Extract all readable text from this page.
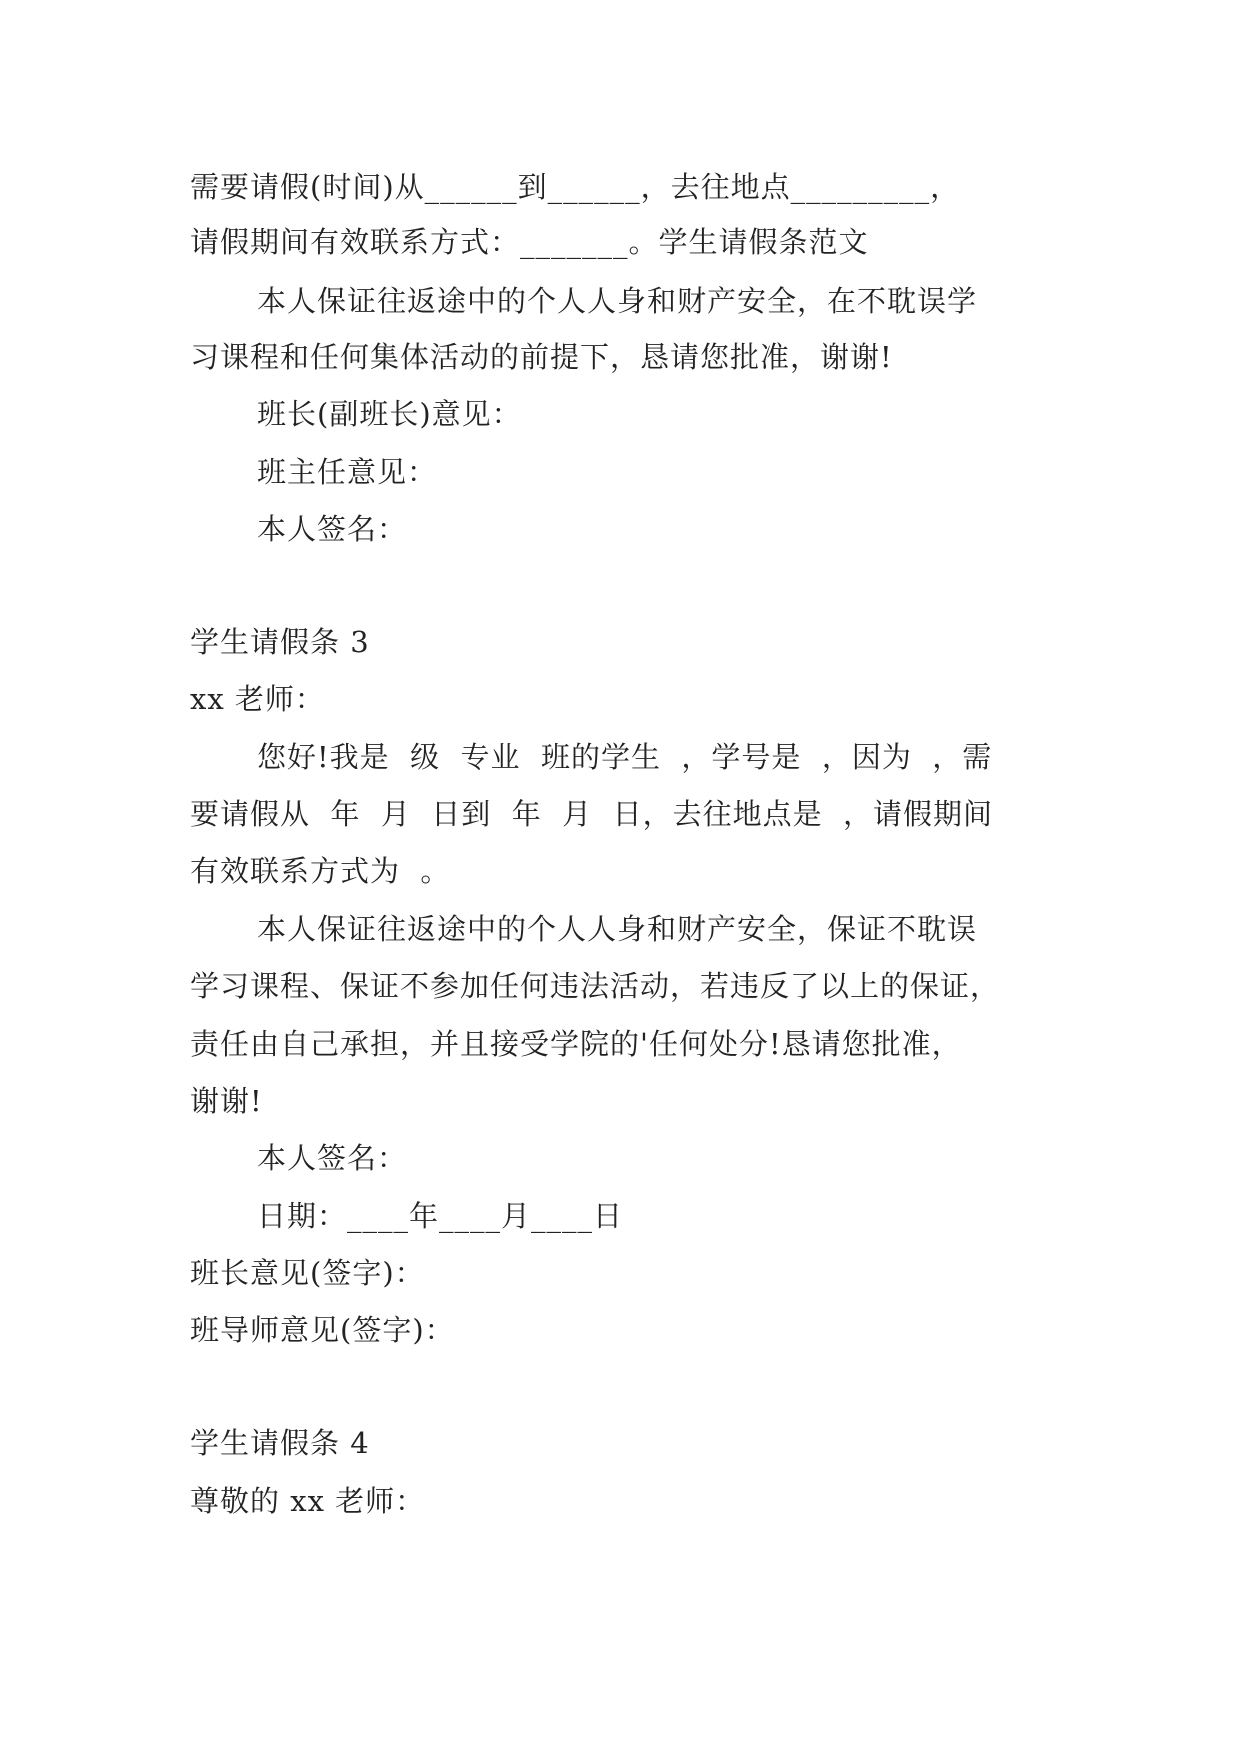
需要请假(时间)从______到______，去往地点_________，
请假期间有效联系方式：_______。学生请假条范文
本人保证往返途中的个人人身和财产安全，在不耽误学
习课程和任何集体活动的前提下，恳请您批准，谢谢!
班长(副班长)意见：
班主任意见：
本人签名：
学生请假条 3
xx 老师：
您好!我是  级  专业  班的学生  ，学号是  ，因为  ，需
要请假从  年  月  日到  年  月  日，去往地点是  ，请假期间
有效联系方式为  。
本人保证往返途中的个人人身和财产安全，保证不耽误
学习课程、保证不参加任何违法活动，若违反了以上的保证，
责任由自己承担，并且接受学院的'任何处分!恳请您批准，
谢谢!
本人签名：
日期：____年____月____日
班长意见(签字)：
班导师意见(签字)：
学生请假条 4
尊敬的 xx 老师：
